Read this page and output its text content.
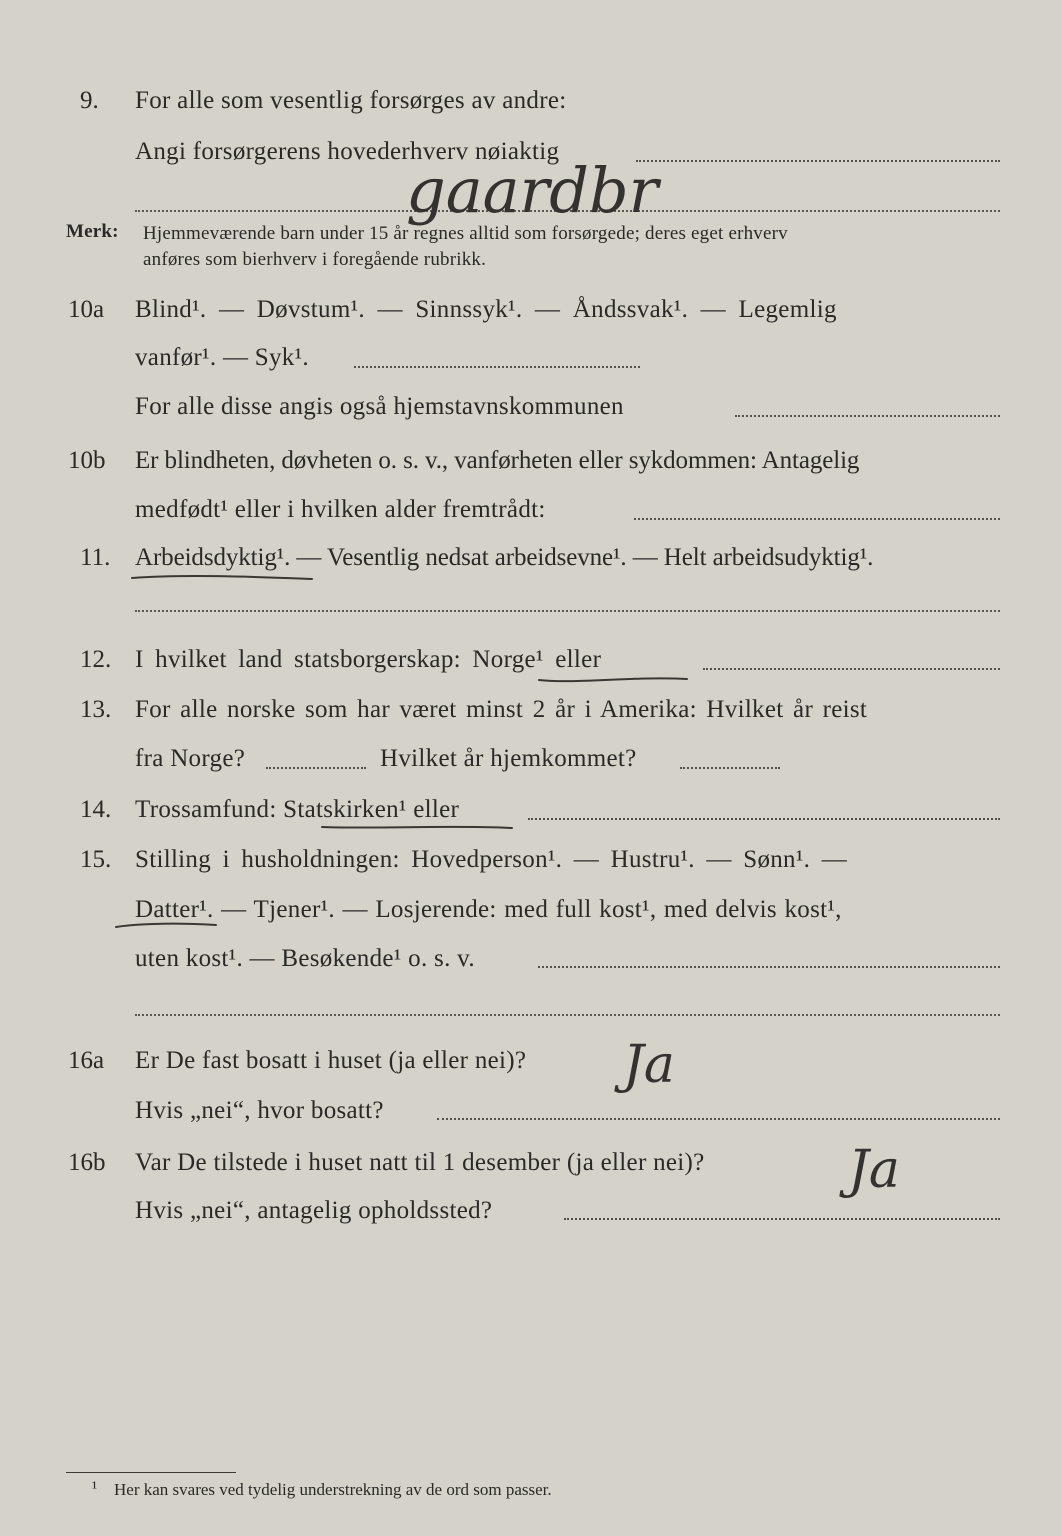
9. For alle som vesentlig forsørges av andre:
Angi forsørgerens hovederhverv nøiaktig
gaardbr
Merk: Hjemmeværende barn under 15 år regnes alltid som forsørgede; deres eget erhverv
anføres som bierhverv i foregående rubrikk.
10a Blind¹. — Døvstum¹. — Sinnssyk¹. — Åndssvak¹. — Legemlig
vanfør¹. — Syk¹.
For alle disse angis også hjemstavnskommunen
10b Er blindheten, døvheten o. s. v., vanførheten eller sykdommen: Antagelig
medfødt¹ eller i hvilken alder fremtrådt:
11. Arbeidsdyktig¹. — Vesentlig nedsat arbeidsevne¹. — Helt arbeidsudyktig¹.
12. I hvilket land statsborgerskap: Norge¹ eller
13. For alle norske som har været minst 2 år i Amerika: Hvilket år reist
fra Norge?	Hvilket år hjemkommet?
14. Trossamfund: Statskirken¹ eller
15. Stilling i husholdningen: Hovedperson¹. — Hustru¹. — Sønn¹. —
Datter¹. — Tjener¹. — Losjerende: med full kost¹, med delvis kost¹,
uten kost¹. — Besøkende¹ o. s. v.
16a Er De fast bosatt i huset (ja eller nei)? Ja
Hvis „nei“, hvor bosatt?
16b Var De tilstede i huset natt til 1 desember (ja eller nei)?	Ja
Hvis „nei“, antagelig opholdssted?
¹ Her kan svares ved tydelig understrekning av de ord som passer.
